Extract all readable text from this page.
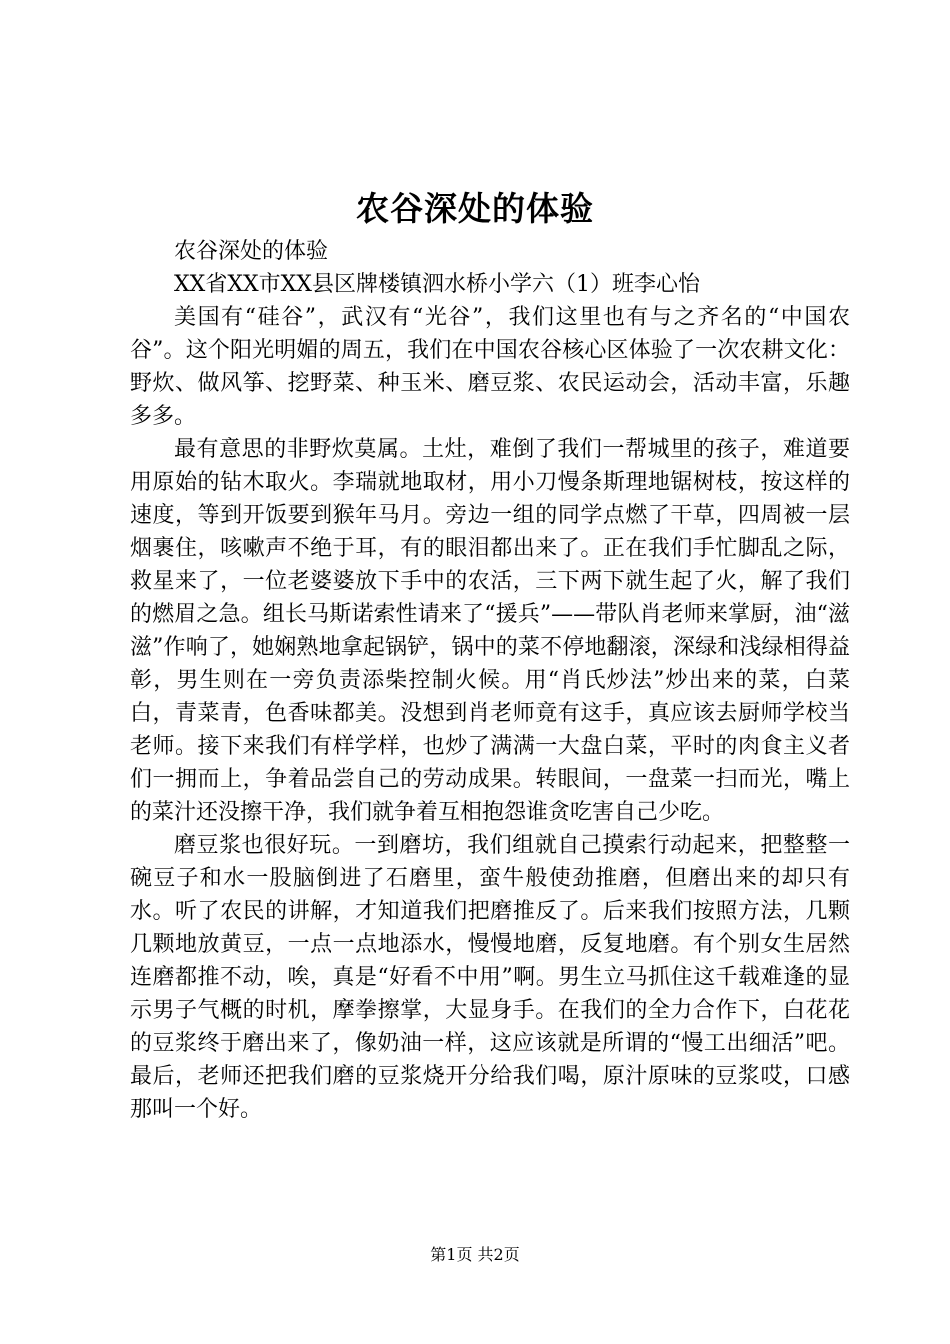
农谷深处的体验

农谷深处的体验

XX省XX市XX县区牌楼镇泗水桥小学六（1）班李心怡

美国有“硅谷”，武汉有“光谷”，我们这里也有与之齐名的“中国农谷”。这个阳光明媚的周五，我们在中国农谷核心区体验了一次农耕文化：野炊、做风筝、挖野菜、种玉米、磨豆浆、农民运动会，活动丰富，乐趣多多。

最有意思的非野炊莫属。土灶，难倒了我们一帮城里的孩子，难道要用原始的钻木取火。李瑞就地取材，用小刀慢条斯理地锯树枝，按这样的速度，等到开饭要到猴年马月。旁边一组的同学点燃了干草，四周被一层烟裹住，咳嗽声不绝于耳，有的眼泪都出来了。正在我们手忙脚乱之际，救星来了，一位老婆婆放下手中的农活，三下两下就生起了火，解了我们的燃眉之急。组长马斯诺索性请来了“援兵”——带队肖老师来掌厨，油“滋滋”作响了，她娴熟地拿起锅铲，锅中的菜不停地翻滚，深绿和浅绿相得益彰，男生则在一旁负责添柴控制火候。用“肖氏炒法”炒出来的菜，白菜白，青菜青，色香味都美。没想到肖老师竟有这手，真应该去厨师学校当老师。接下来我们有样学样，也炒了满满一大盘白菜，平时的肉食主义者们一拥而上，争着品尝自己的劳动成果。转眼间，一盘菜一扫而光，嘴上的菜汁还没擦干净，我们就争着互相抱怨谁贪吃害自己少吃。

磨豆浆也很好玩。一到磨坊，我们组就自己摸索行动起来，把整整一碗豆子和水一股脑倒进了石磨里，蛮牛般使劲推磨，但磨出来的却只有水。听了农民的讲解，才知道我们把磨推反了。后来我们按照方法，几颗几颗地放黄豆，一点一点地添水，慢慢地磨，反复地磨。有个别女生居然连磨都推不动，唉，真是“好看不中用”啊。男生立马抓住这千载难逢的显示男子气概的时机，摩拳擦掌，大显身手。在我们的全力合作下，白花花的豆浆终于磨出来了，像奶油一样，这应该就是所谓的“慢工出细活”吧。最后，老师还把我们磨的豆浆烧开分给我们喝，原汁原味的豆浆哎，口感那叫一个好。

第1页 共2页
